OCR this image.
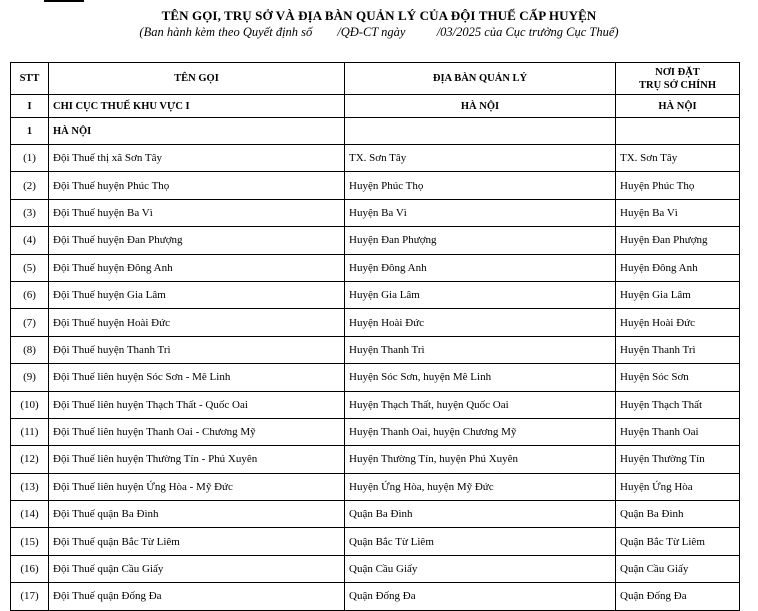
TÊN GỌI, TRỤ SỞ VÀ ĐỊA BÀN QUẢN LÝ CỦA ĐỘI THUẾ CẤP HUYỆN
(Ban hành kèm theo Quyết định số        /QĐ-CT ngày          /03/2025 của Cục trưởng Cục Thuế)
STT	TÊN GỌI	ĐỊA BÀN QUẢN LÝ	NƠI ĐẶT
TRỤ SỞ CHÍNH
I	CHI CỤC THUẾ KHU VỰC I	HÀ NỘI	HÀ NỘI
1	HÀ NỘI		
(1)	Đội Thuế thị xã Sơn Tây	TX. Sơn Tây	TX. Sơn Tây
(2)	Đội Thuế huyện Phúc Thọ	Huyện Phúc Thọ	Huyện Phúc Thọ
(3)	Đội Thuế huyện Ba Vì	Huyện Ba Vì	Huyện Ba Vì
(4)	Đội Thuế huyện Đan Phượng	Huyện Đan Phượng	Huyện Đan Phượng
(5)	Đội Thuế huyện Đông Anh	Huyện Đông Anh	Huyện Đông Anh
(6)	Đội Thuế huyện Gia Lâm	Huyện Gia Lâm	Huyện Gia Lâm
(7)	Đội Thuế huyện Hoài Đức	Huyện Hoài Đức	Huyện Hoài Đức
(8)	Đội Thuế huyện Thanh Trì	Huyện Thanh Trì	Huyện Thanh Trì
(9)	Đội Thuế liên huyện Sóc Sơn - Mê Linh	Huyện Sóc Sơn, huyện Mê Linh	Huyện Sóc Sơn
(10)	Đội Thuế liên huyện Thạch Thất - Quốc Oai	Huyện Thạch Thất, huyện Quốc Oai	Huyện Thạch Thất
(11)	Đội Thuế liên huyện Thanh Oai - Chương Mỹ	Huyện Thanh Oai, huyện Chương Mỹ	Huyện Thanh Oai
(12)	Đội Thuế liên huyện Thường Tín - Phú Xuyên	Huyện Thường Tín, huyện Phú Xuyên	Huyện Thường Tín
(13)	Đội Thuế liên huyện Ứng Hòa - Mỹ Đức	Huyện Ứng Hòa, huyện Mỹ Đức	Huyện Ứng Hòa
(14)	Đội Thuế quận Ba Đình	Quận Ba Đình	Quận Ba Đình
(15)	Đội Thuế quận Bắc Từ Liêm	Quận Bắc Từ Liêm	Quận Bắc Từ Liêm
(16)	Đội Thuế quận Cầu Giấy	Quận Cầu Giấy	Quận Cầu Giấy
(17)	Đội Thuế quận Đống Đa	Quận Đống Đa	Quận Đống Đa
